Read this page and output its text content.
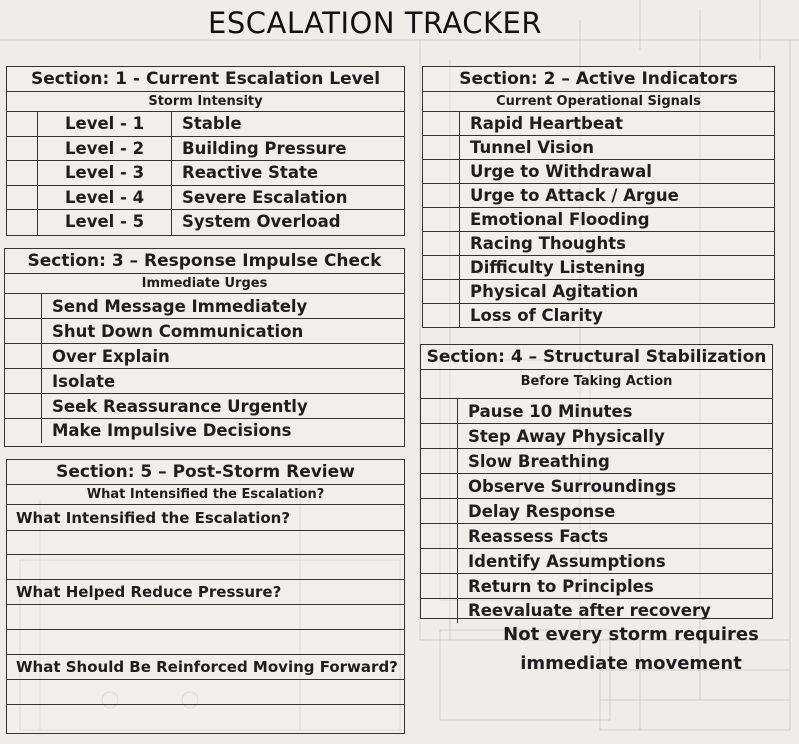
ESCALATION TRACKER
Section: 1 - Current Escalation Level
Storm Intensity
Level - 1	Stable
Level - 2	Building Pressure
Level - 3	Reactive State
Level - 4	Severe Escalation
Level - 5	System Overload
Section: 3 – Response Impulse Check
Immediate Urges
Send Message Immediately
Shut Down Communication
Over Explain
Isolate
Seek Reassurance Urgently
Make Impulsive Decisions
Section: 5 – Post-Storm Review
What Intensified the Escalation?
What Intensified the Escalation?
What Helped Reduce Pressure?
What Should Be Reinforced Moving Forward?
Section: 2 – Active Indicators
Current Operational Signals
Rapid Heartbeat
Tunnel Vision
Urge to Withdrawal
Urge to Attack / Argue
Emotional Flooding
Racing Thoughts
Difficulty Listening
Physical Agitation
Loss of Clarity
Section: 4 – Structural Stabilization
Before Taking Action
Pause 10 Minutes
Step Away Physically
Slow Breathing
Observe Surroundings
Delay Response
Reassess Facts
Identify Assumptions
Return to Principles
Reevaluate after recovery
Not every storm requires
immediate movement
